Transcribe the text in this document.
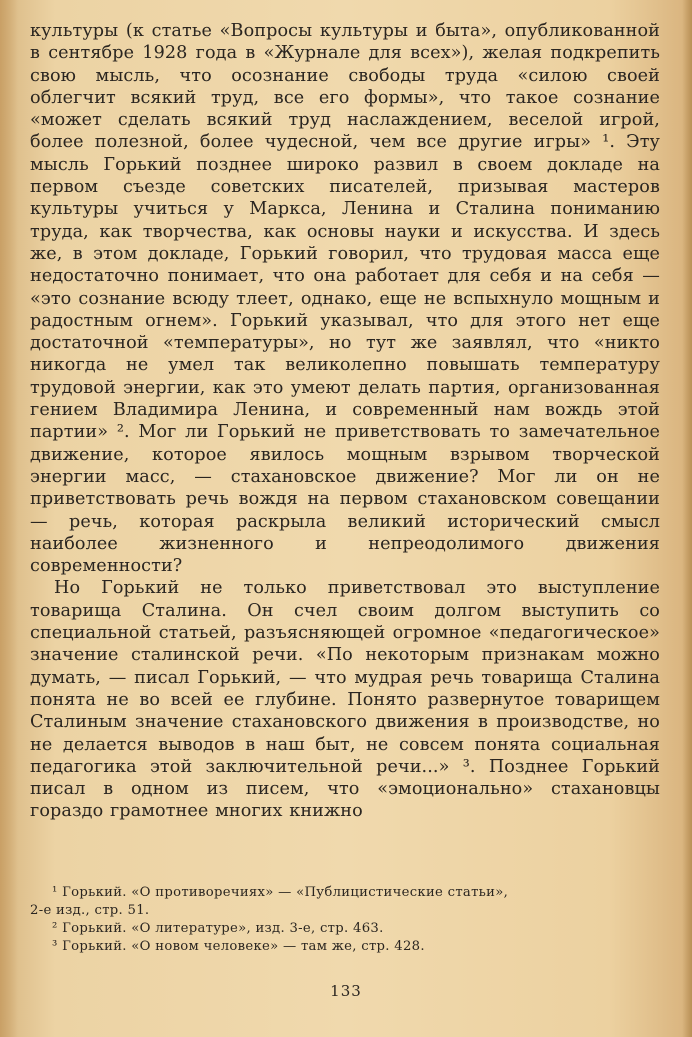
культуры (к статье «Вопросы культуры и быта», опубликованной в сентябре 1928 года в «Журнале для всех»), желая подкрепить свою мысль, что осознание свободы труда «силою своей облегчит всякий труд, все его формы», что такое сознание «может сделать всякий труд наслаждением, веселой игрой, более полезной, более чудесной, чем все другие игры» ¹. Эту мысль Горький позднее широко развил в своем докладе на первом съезде советских писателей, призывая мастеров культуры учиться у Маркса, Ленина и Сталина пониманию труда, как творчества, как основы науки и искусства. И здесь же, в этом докладе, Горький говорил, что трудовая масса еще недостаточно понимает, что она работает для себя и на себя — «это сознание всюду тлеет, однако, еще не вспыхнуло мощным и радостным огнем». Горький указывал, что для этого нет еще достаточной «температуры», но тут же заявлял, что «никто никогда не умел так великолепно повышать температуру трудовой энергии, как это умеют делать партия, организованная гением Владимира Ленина, и современный нам вождь этой партии» ². Мог ли Горький не приветствовать то замечательное движение, которое явилось мощным взрывом творческой энергии масс, — стахановское движение? Мог ли он не приветствовать речь вождя на первом стахановском совещании — речь, которая раскрыла великий исторический смысл наиболее жизненного и непреодолимого движения современности?

Но Горький не только приветствовал это выступление товарища Сталина. Он счел своим долгом выступить со специальной статьей, разъясняющей огромное «педагогическое» значение сталинской речи. «По некоторым признакам можно думать, — писал Горький, — что мудрая речь товарища Сталина понята не во всей ее глубине. Понято развернутое товарищем Сталиным значение стахановского движения в производстве, но не делается выводов в наш быт, не совсем понята социальная педагогика этой заключительной речи...» ³. Позднее Горький писал в одном из писем, что «эмоционально» стахановцы гораздо грамотнее многих книжно

¹ Горький. «О противоречиях» — «Публицистические статьи»,

2-е изд., стр. 51.

² Горький. «О литературе», изд. 3-е, стр. 463.

³ Горький. «О новом человеке» — там же, стр. 428.

133
